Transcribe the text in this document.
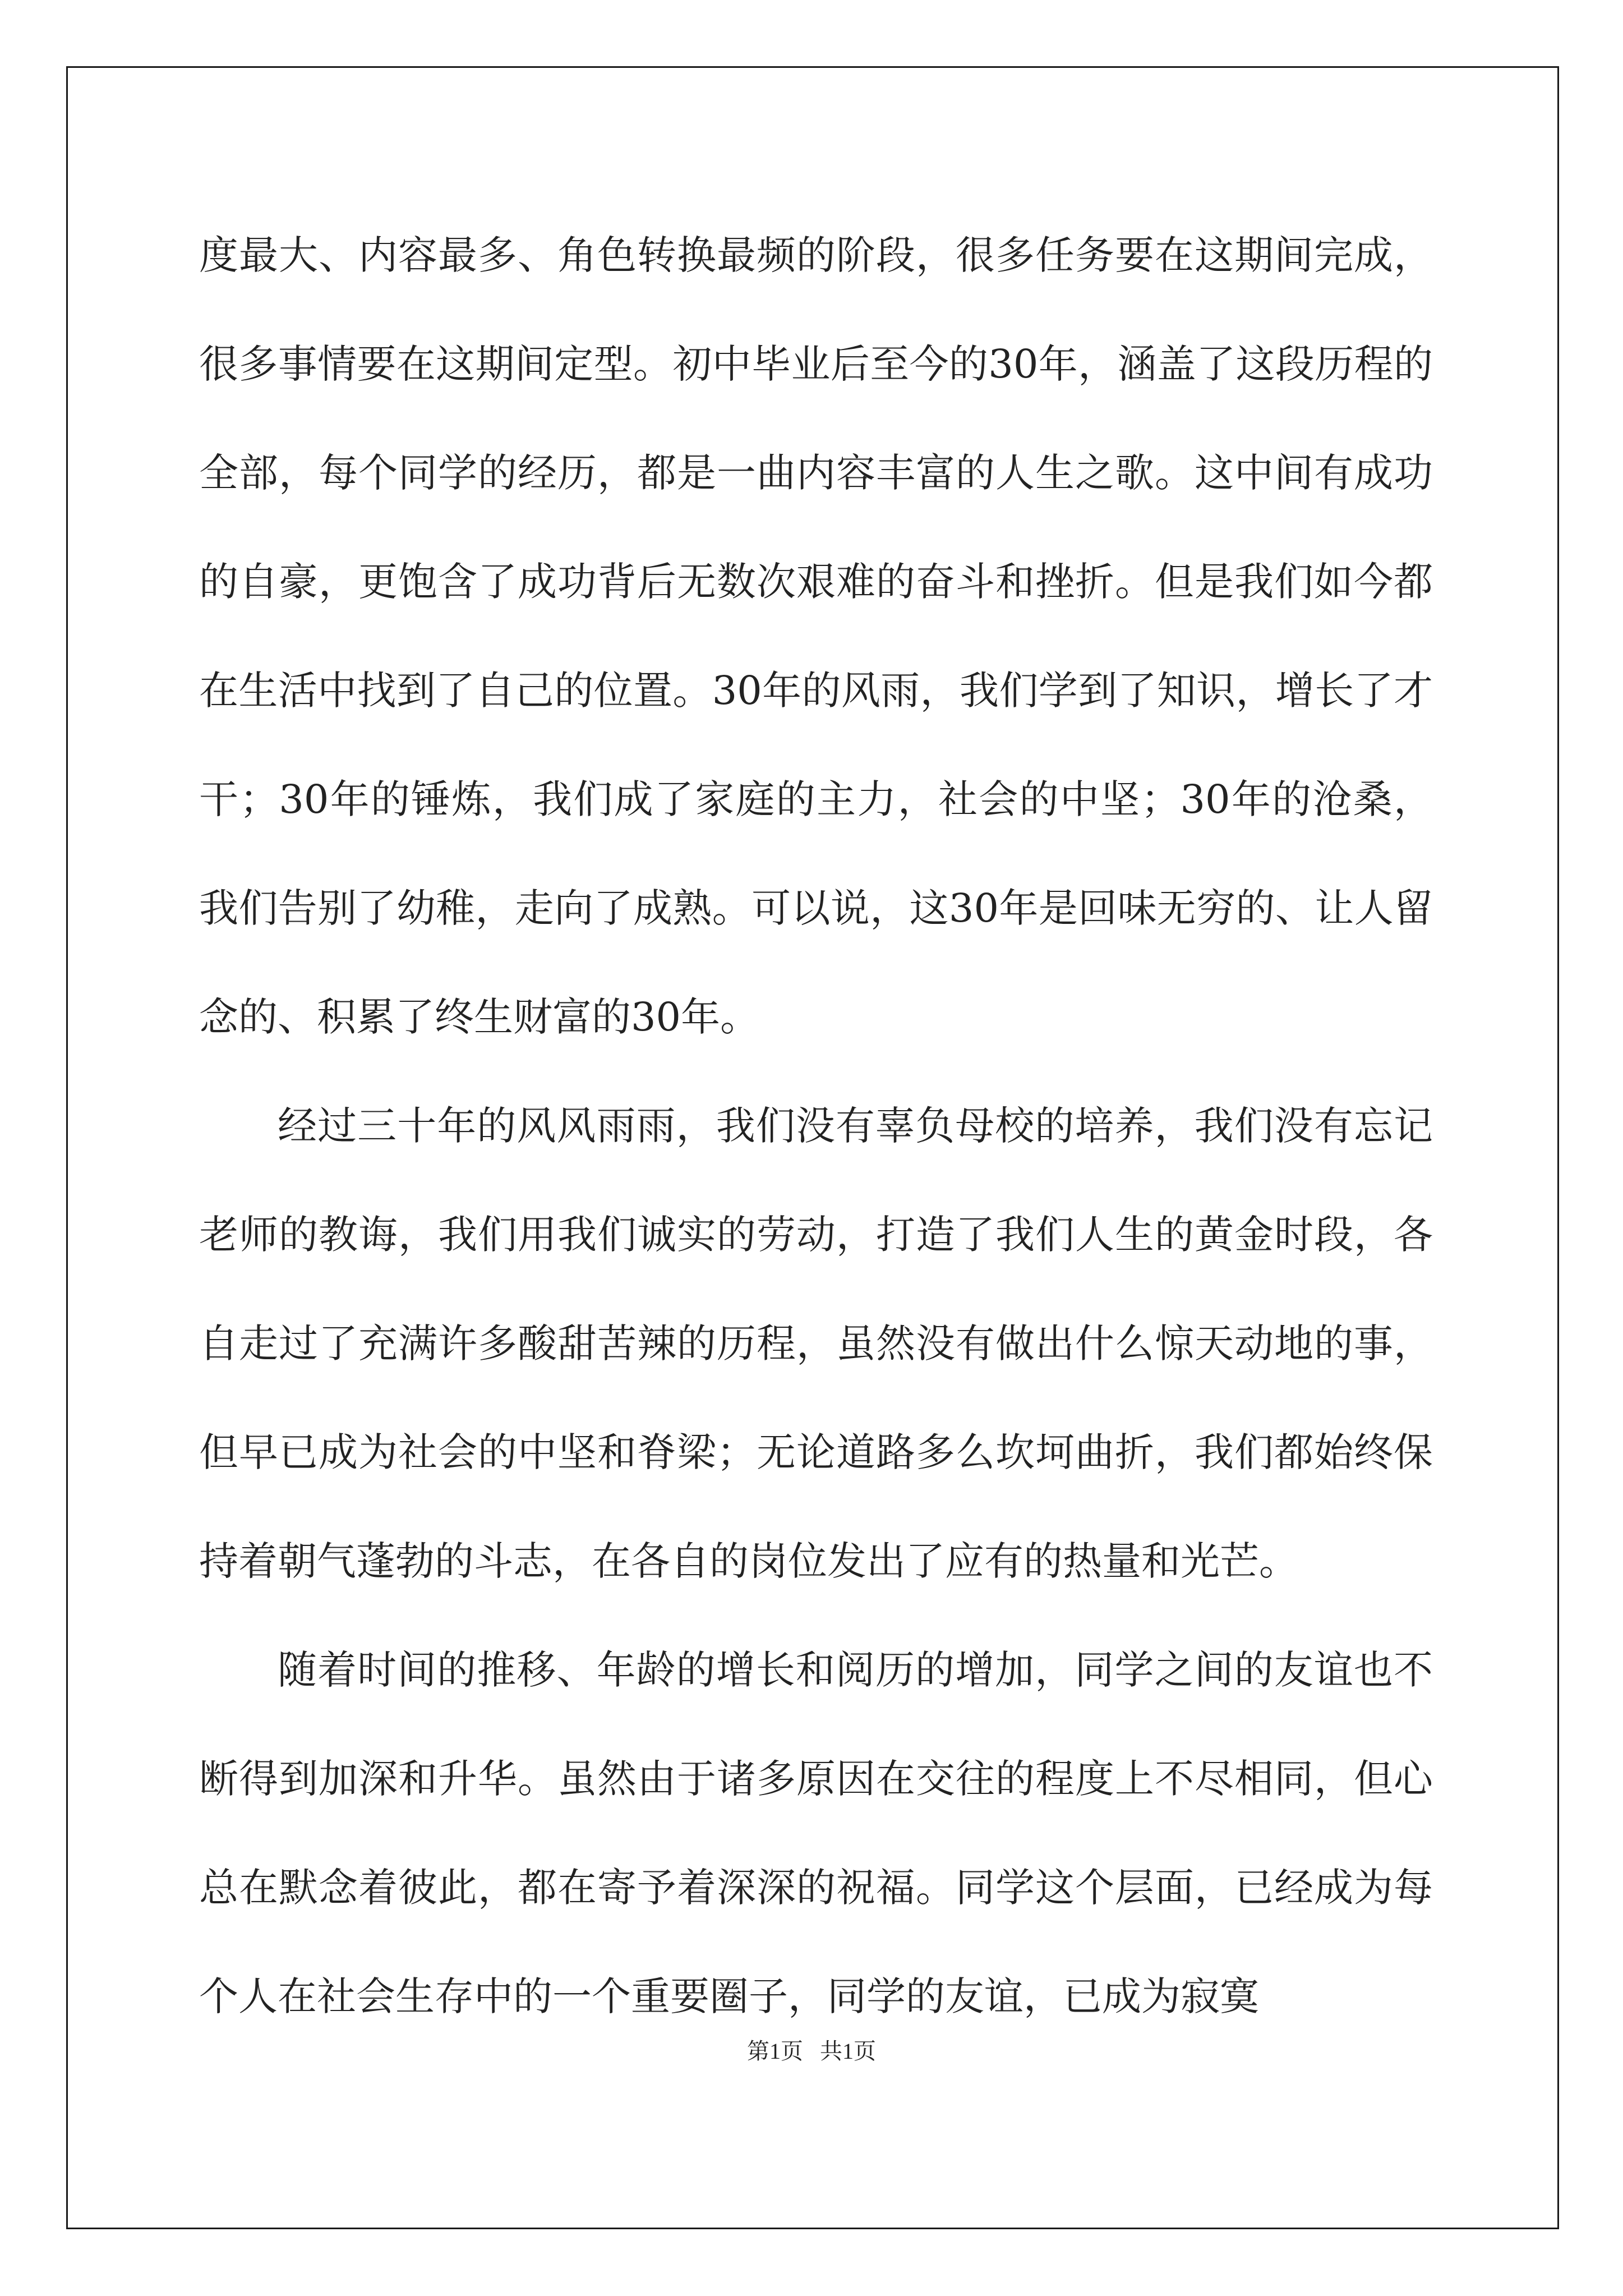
度最大、内容最多、角色转换最频的阶段，很多任务要在这期间完成，很多事情要在这期间定型。初中毕业后至今的30年，涵盖了这段历程的全部，每个同学的经历，都是一曲内容丰富的人生之歌。这中间有成功的自豪，更饱含了成功背后无数次艰难的奋斗和挫折。但是我们如今都在生活中找到了自己的位置。30年的风雨，我们学到了知识，增长了才干；30年的锤炼，我们成了家庭的主力，社会的中坚；30年的沧桑，我们告别了幼稚，走向了成熟。可以说，这30年是回味无穷的、让人留念的、积累了终生财富的30年。

经过三十年的风风雨雨，我们没有辜负母校的培养，我们没有忘记老师的教诲，我们用我们诚实的劳动，打造了我们人生的黄金时段，各自走过了充满许多酸甜苦辣的历程，虽然没有做出什么惊天动地的事，但早已成为社会的中坚和脊梁；无论道路多么坎坷曲折，我们都始终保持着朝气蓬勃的斗志，在各自的岗位发出了应有的热量和光芒。

随着时间的推移、年龄的增长和阅历的增加，同学之间的友谊也不断得到加深和升华。虽然由于诸多原因在交往的程度上不尽相同，但心总在默念着彼此，都在寄予着深深的祝福。同学这个层面，已经成为每个人在社会生存中的一个重要圈子，同学的友谊，已成为寂寞

第1页   共1页
